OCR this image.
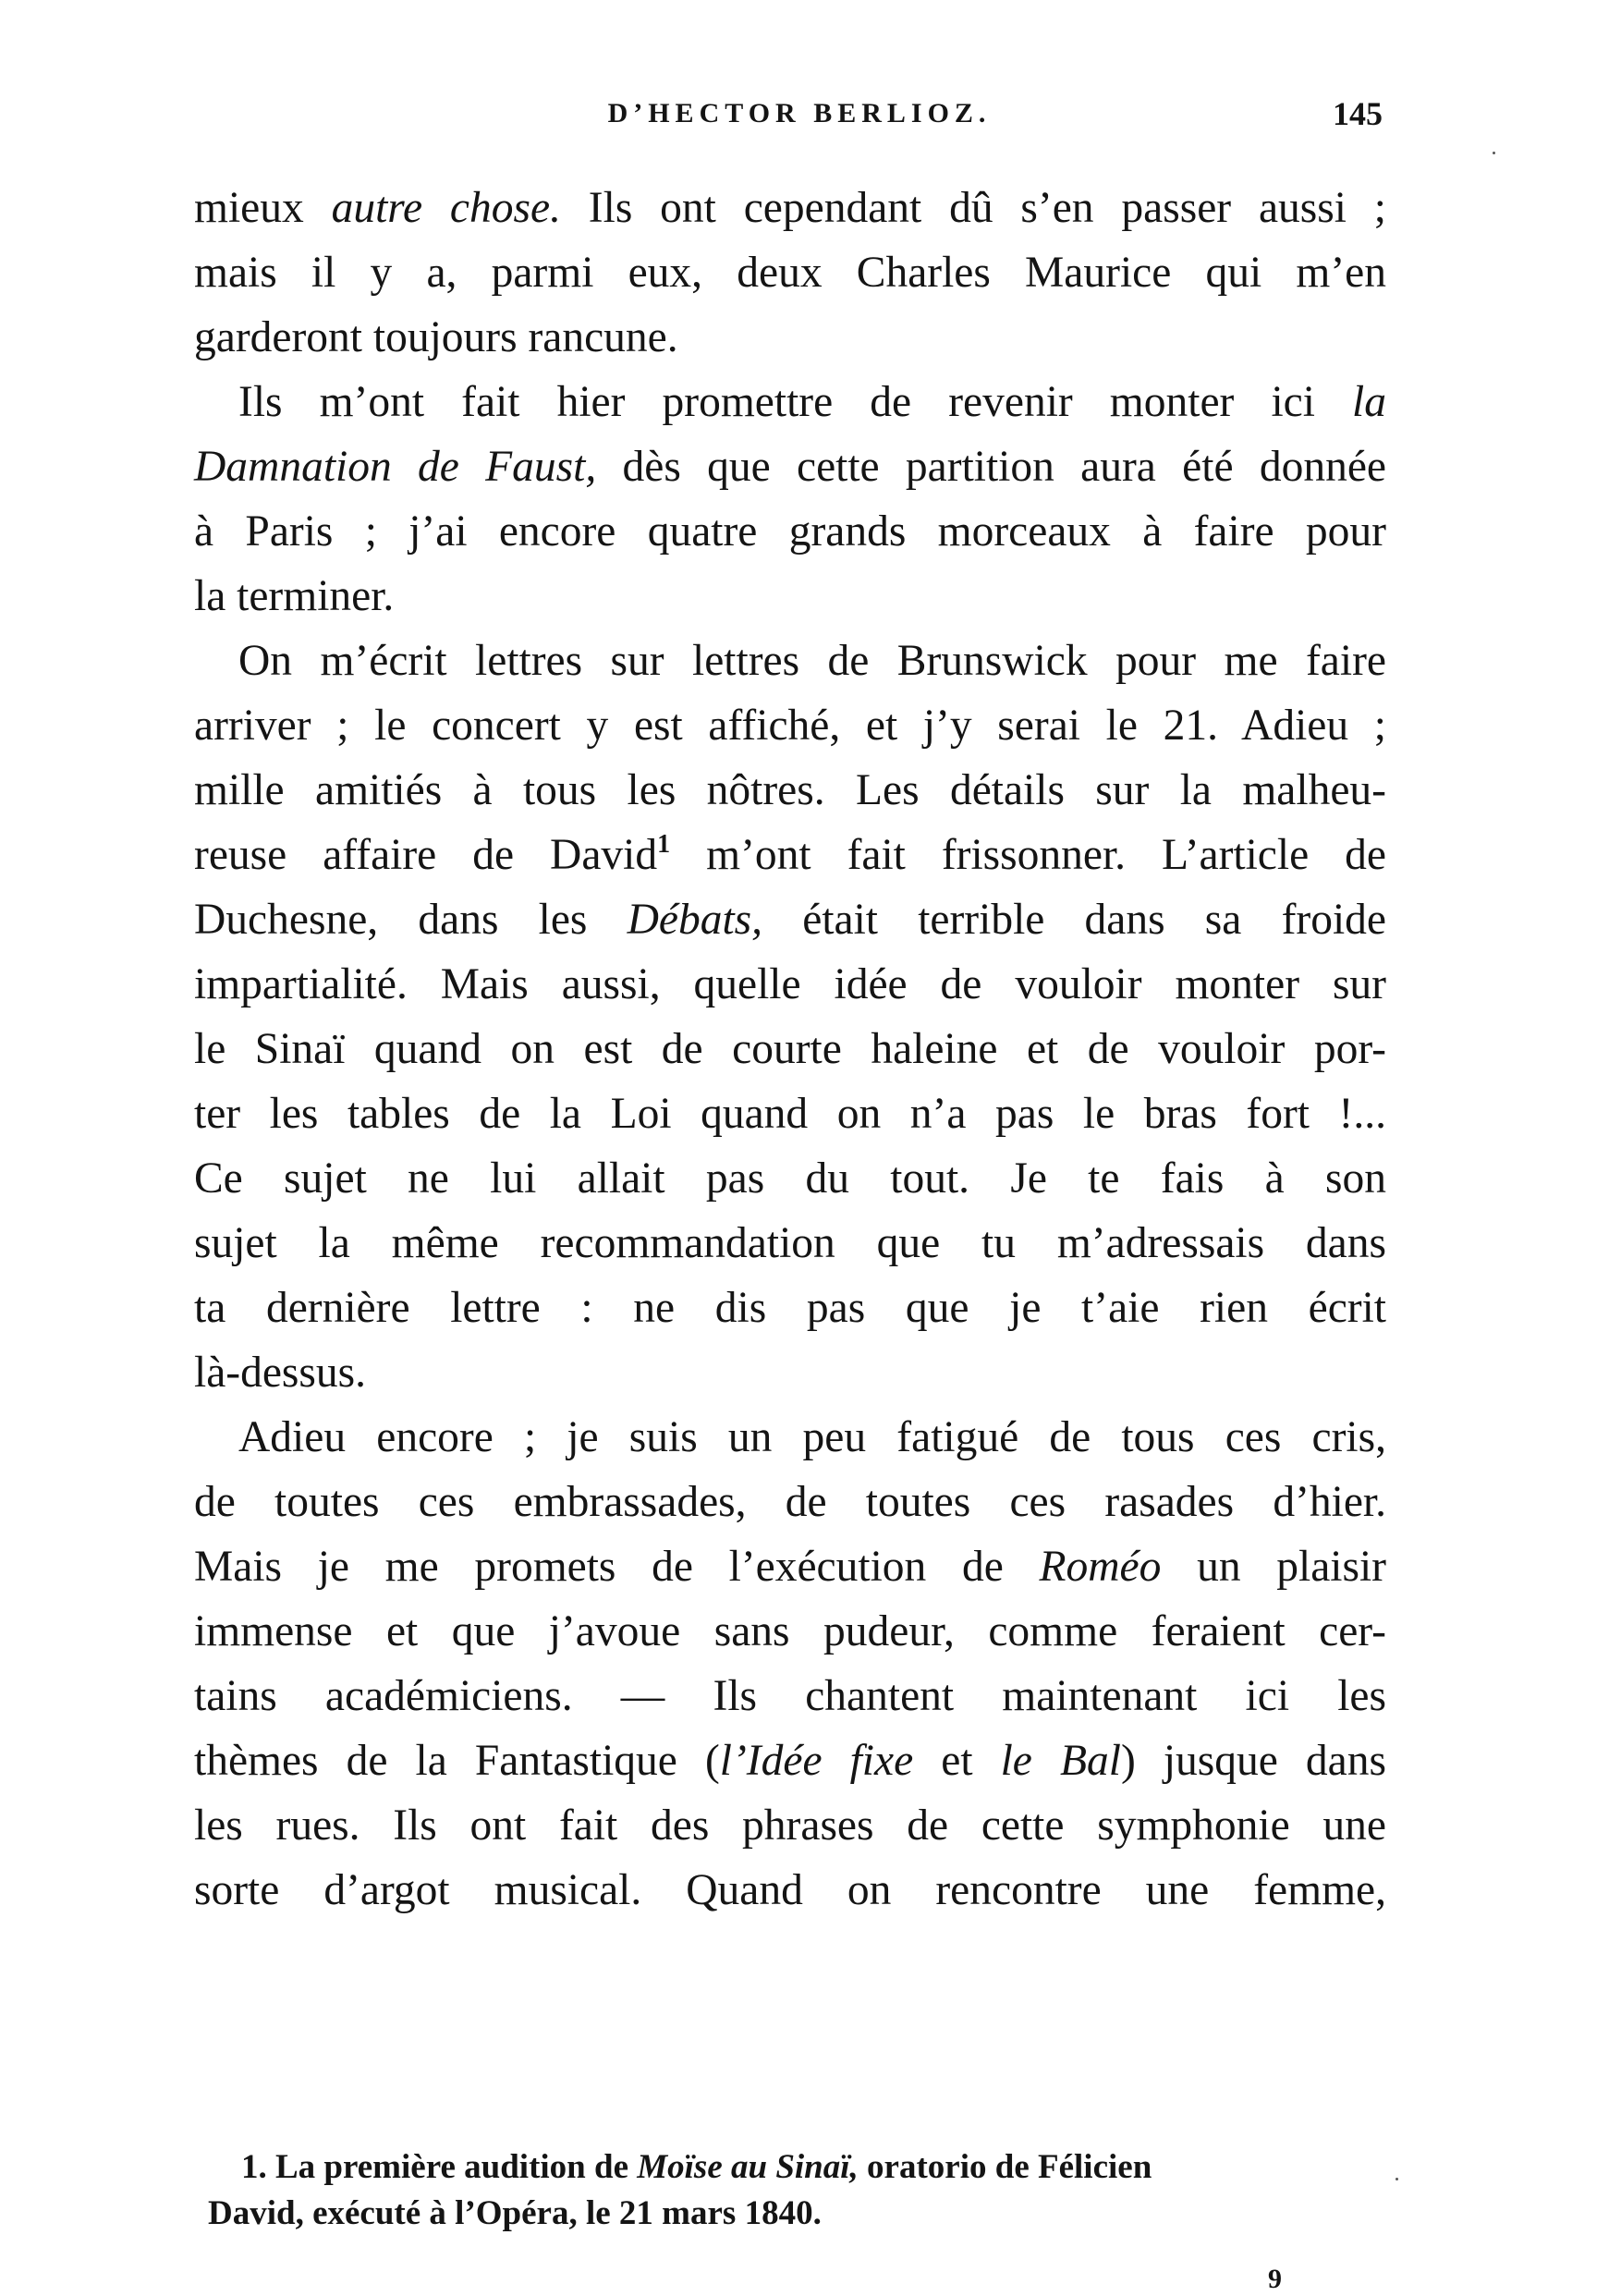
D’HECTOR BERLIOZ.	145
mieux autre chose. Ils ont cependant dû s’en passer aussi ;
mais il y a, parmi eux, deux Charles Maurice qui m’en
garderont toujours rancune.
Ils m’ont fait hier promettre de revenir monter ici la
Damnation de Faust, dès que cette partition aura été donnée
à Paris ; j’ai encore quatre grands morceaux à faire pour
la terminer.
On m’écrit lettres sur lettres de Brunswick pour me faire
arriver ; le concert y est affiché, et j’y serai le 21. Adieu ;
mille amitiés à tous les nôtres. Les détails sur la malheu-
reuse affaire de David$^1$ m’ont fait frissonner. L’article de
Duchesne, dans les Débats, était terrible dans sa froide
impartialité. Mais aussi, quelle idée de vouloir monter sur
le Sinaï quand on est de courte haleine et de vouloir por-
ter les tables de la Loi quand on n’a pas le bras fort !...
Ce sujet ne lui allait pas du tout. Je te fais à son
sujet la même recommandation que tu m’adressais dans
ta dernière lettre : ne dis pas que je t’aie rien écrit
là-dessus.
Adieu encore ; je suis un peu fatigué de tous ces cris,
de toutes ces embrassades, de toutes ces rasades d’hier.
Mais je me promets de l’exécution de Roméo un plaisir
immense et que j’avoue sans pudeur, comme feraient cer-
tains académiciens. — Ils chantent maintenant ici les
thèmes de la Fantastique (l’Idée fixe et le Bal) jusque dans
les rues. Ils ont fait des phrases de cette symphonie une
sorte d’argot musical. Quand on rencontre une femme,
1. La première audition de Moïse au Sinaï, oratorio de Félicien
David, exécuté à l’Opéra, le 21 mars 1840.
9
